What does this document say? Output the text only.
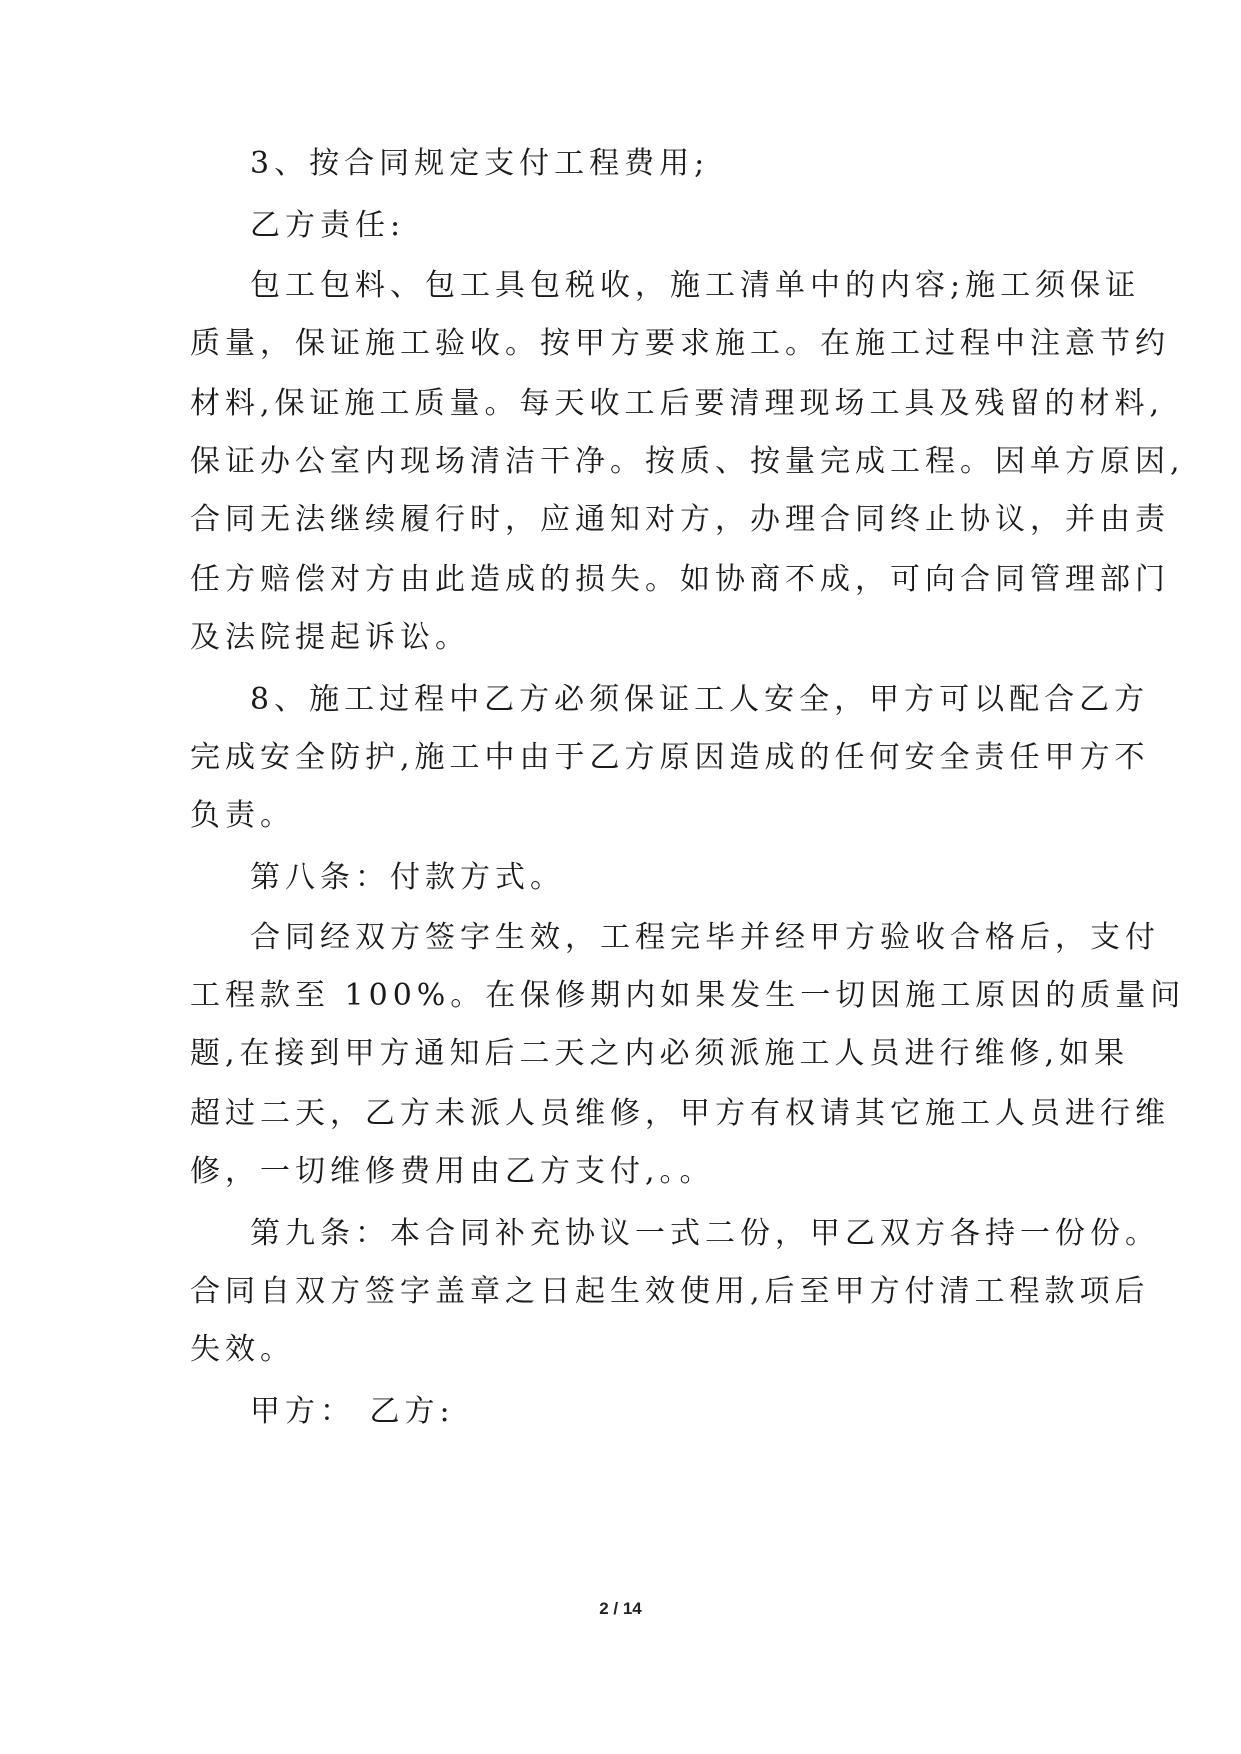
3、按合同规定支付工程费用;

乙方责任:

包工包料、包工具包税收，施工清单中的内容;施工须保证

质量，保证施工验收。按甲方要求施工。在施工过程中注意节约

材料,保证施工质量。每天收工后要清理现场工具及残留的材料,

保证办公室内现场清洁干净。按质、按量完成工程。因单方原因,

合同无法继续履行时，应通知对方，办理合同终止协议，并由责

任方赔偿对方由此造成的损失。如协商不成，可向合同管理部门

及法院提起诉讼。

8、施工过程中乙方必须保证工人安全，甲方可以配合乙方

完成安全防护,施工中由于乙方原因造成的任何安全责任甲方不

负责。

第八条：付款方式。

合同经双方签字生效，工程完毕并经甲方验收合格后，支付

工程款至 100%。在保修期内如果发生一切因施工原因的质量问

题,在接到甲方通知后二天之内必须派施工人员进行维修,如果

超过二天，乙方未派人员维修，甲方有权请其它施工人员进行维

修，一切维修费用由乙方支付,。。

第九条：本合同补充协议一式二份，甲乙双方各持一份份。

合同自双方签字盖章之日起生效使用,后至甲方付清工程款项后

失效。

甲方： 乙方:

2 / 14
